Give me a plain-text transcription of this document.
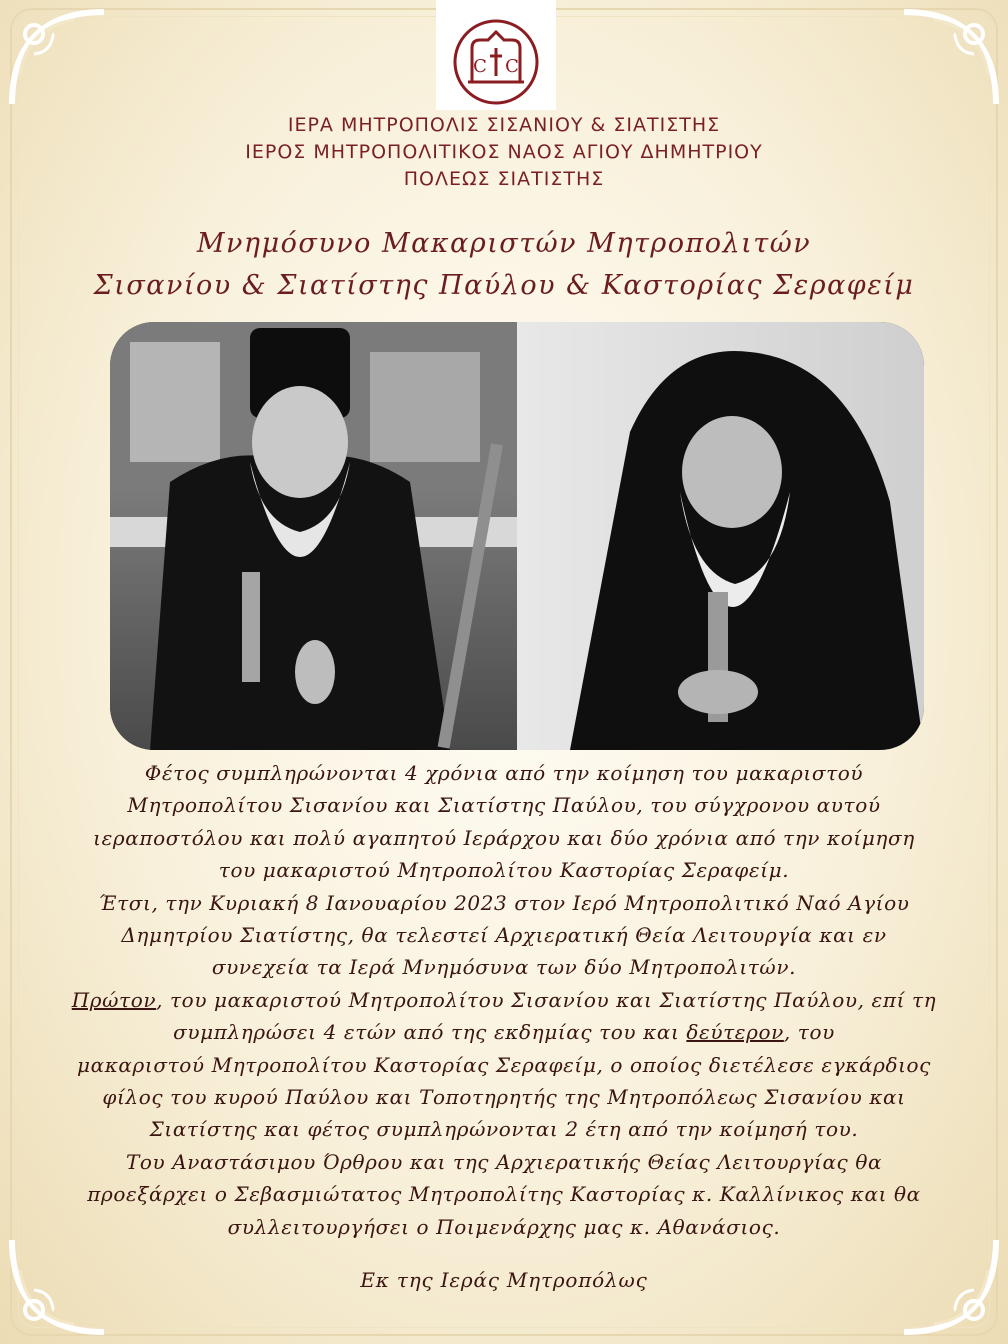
C C
ΙΕΡΑ ΜΗΤΡΟΠΟΛΙΣ ΣΙΣΑΝΙΟΥ & ΣΙΑΤΙΣΤΗΣ
ΙΕΡΟΣ ΜΗΤΡΟΠΟΛΙΤΙΚΟΣ ΝΑΟΣ ΑΓΙΟΥ ΔΗΜΗΤΡΙΟΥ
ΠΟΛΕΩΣ ΣΙΑΤΙΣΤΗΣ
Μνημόσυνο Μακαριστών Μητροπολιτών
Σισανίου & Σιατίστης Παύλου & Καστορίας Σεραφείμ

Φέτος συμπληρώνονται 4 χρόνια από την κοίμηση του μακαριστού

Μητροπολίτου Σισανίου και Σιατίστης Παύλου, του σύγχρονου αυτού

ιεραποστόλου και πολύ αγαπητού Ιεράρχου και δύο χρόνια από την κοίμηση

του μακαριστού Μητροπολίτου Καστορίας Σεραφείμ.

Έτσι, την Κυριακή 8 Ιανουαρίου 2023 στον Ιερό Μητροπολιτικό Ναό Αγίου

Δημητρίου Σιατίστης, θα τελεστεί Αρχιερατική Θεία Λειτουργία και εν

συνεχεία τα Ιερά Μνημόσυνα των δύο Μητροπολιτών.

Πρώτον, του μακαριστού Μητροπολίτου Σισανίου και Σιατίστης Παύλου, επί τη

συμπληρώσει 4 ετών από της εκδημίας του και δεύτερον, του

μακαριστού Μητροπολίτου Καστορίας Σεραφείμ, ο οποίος διετέλεσε εγκάρδιος

φίλος του κυρού Παύλου και Τοποτηρητής της Μητροπόλεως Σισανίου και

Σιατίστης και φέτος συμπληρώνονται 2 έτη από την κοίμησή του.

Του Αναστάσιμου Όρθρου και της Αρχιερατικής Θείας Λειτουργίας θα

προεξάρχει ο Σεβασμιώτατος Μητροπολίτης Καστορίας κ. Καλλίνικος και θα

συλλειτουργήσει ο Ποιμενάρχης μας κ. Αθανάσιος.

Εκ της Ιεράς Μητροπόλως
